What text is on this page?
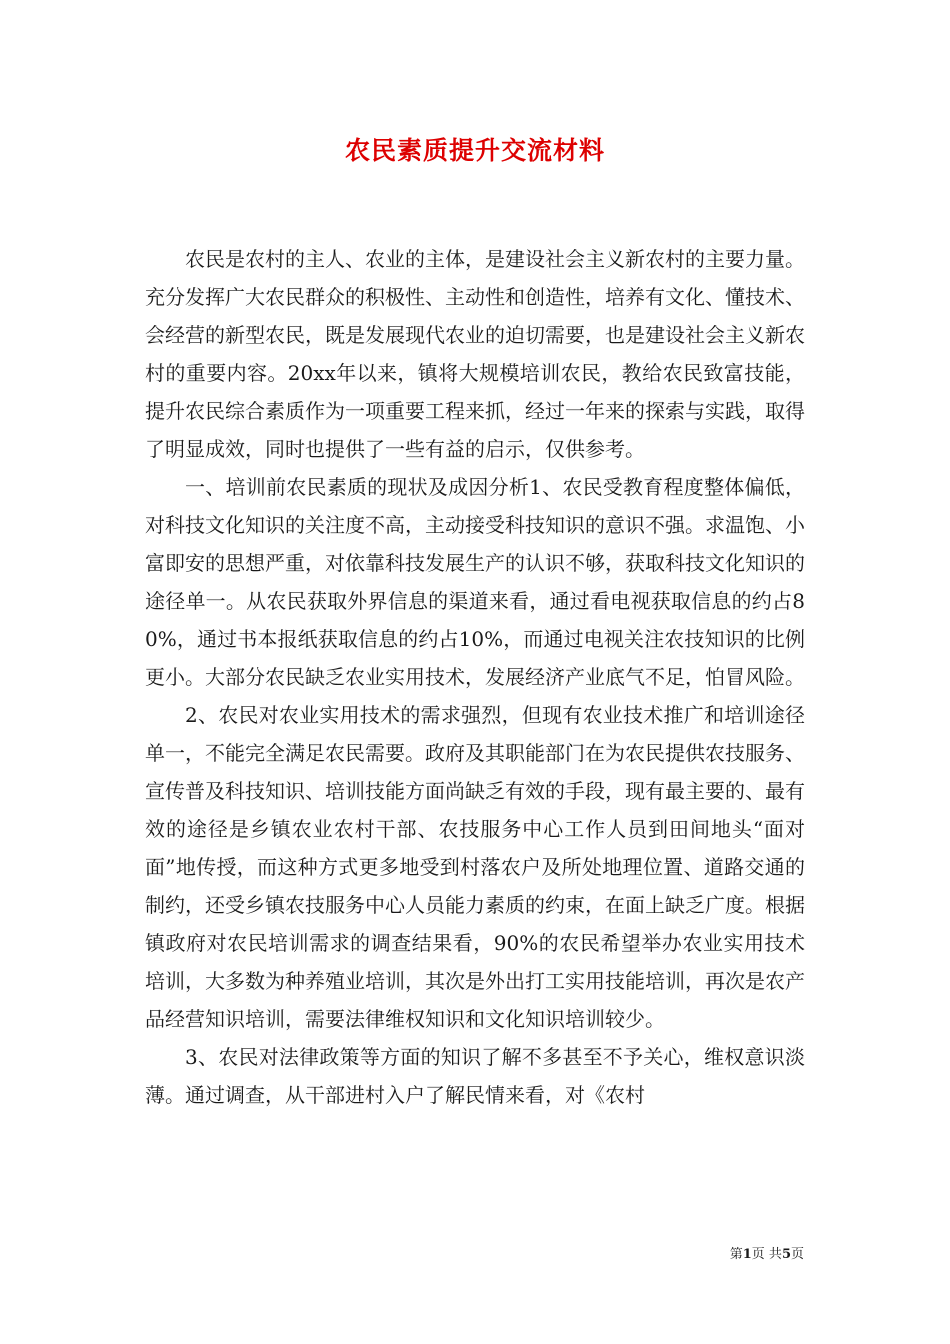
农民素质提升交流材料

农民是农村的主人、农业的主体，是建设社会主义新农村的主要力量。充分发挥广大农民群众的积极性、主动性和创造性，培养有文化、懂技术、会经营的新型农民，既是发展现代农业的迫切需要，也是建设社会主义新农村的重要内容。20xx年以来，镇将大规模培训农民，教给农民致富技能，提升农民综合素质作为一项重要工程来抓，经过一年来的探索与实践，取得了明显成效，同时也提供了一些有益的启示，仅供参考。

一、培训前农民素质的现状及成因分析1、农民受教育程度整体偏低，对科技文化知识的关注度不高，主动接受科技知识的意识不强。求温饱、小富即安的思想严重，对依靠科技发展生产的认识不够，获取科技文化知识的途径单一。从农民获取外界信息的渠道来看，通过看电视获取信息的约占80%，通过书本报纸获取信息的约占10%，而通过电视关注农技知识的比例更小。大部分农民缺乏农业实用技术，发展经济产业底气不足，怕冒风险。

2、农民对农业实用技术的需求强烈，但现有农业技术推广和培训途径单一，不能完全满足农民需要。政府及其职能部门在为农民提供农技服务、宣传普及科技知识、培训技能方面尚缺乏有效的手段，现有最主要的、最有效的途径是乡镇农业农村干部、农技服务中心工作人员到田间地头“面对面”地传授，而这种方式更多地受到村落农户及所处地理位置、道路交通的制约，还受乡镇农技服务中心人员能力素质的约束，在面上缺乏广度。根据镇政府对农民培训需求的调查结果看，90%的农民希望举办农业实用技术培训，大多数为种养殖业培训，其次是外出打工实用技能培训，再次是农产品经营知识培训，需要法律维权知识和文化知识培训较少。

3、农民对法律政策等方面的知识了解不多甚至不予关心，维权意识淡薄。通过调查，从干部进村入户了解民情来看，对《农村

第1页 共5页
